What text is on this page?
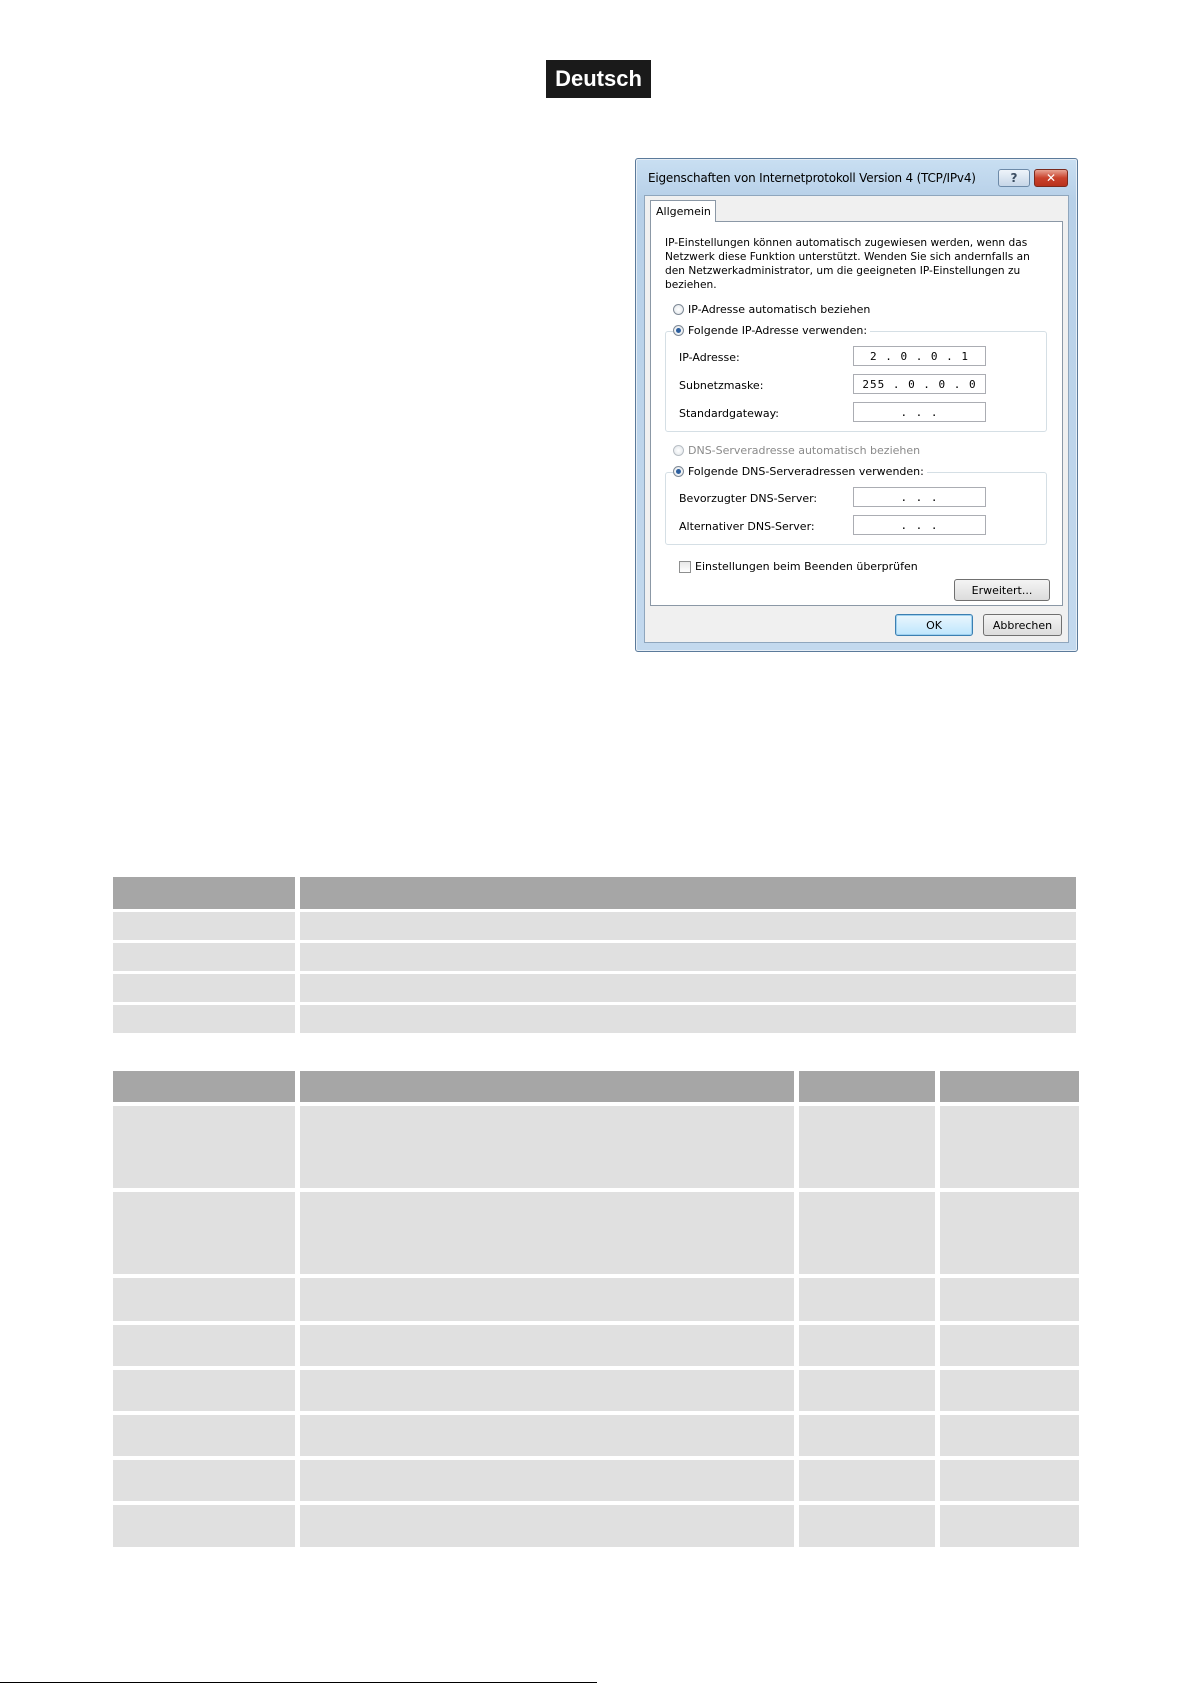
Deutsch
Eigenschaften von Internetprotokoll Version 4 (TCP/IPv4)	? ✕
Allgemein
IP-Einstellungen können automatisch zugewiesen werden, wenn das Netzwerk diese Funktion unterstützt. Wenden Sie sich andernfalls an den Netzwerkadministrator, um die geeigneten IP-Einstellungen zu beziehen.
IP-Adresse automatisch beziehen
Folgende IP-Adresse verwenden:
IP-Adresse:	2 . 0 . 0 . 1
Subnetzmaske:	255 . 0 . 0 . 0
Standardgateway:	. . .
DNS-Serveradresse automatisch beziehen
Folgende DNS-Serveradressen verwenden:
Bevorzugter DNS-Server:	. . .
Alternativer DNS-Server:	. . .
Einstellungen beim Beenden überprüfen
Erweitert...
OK	Abbrechen
